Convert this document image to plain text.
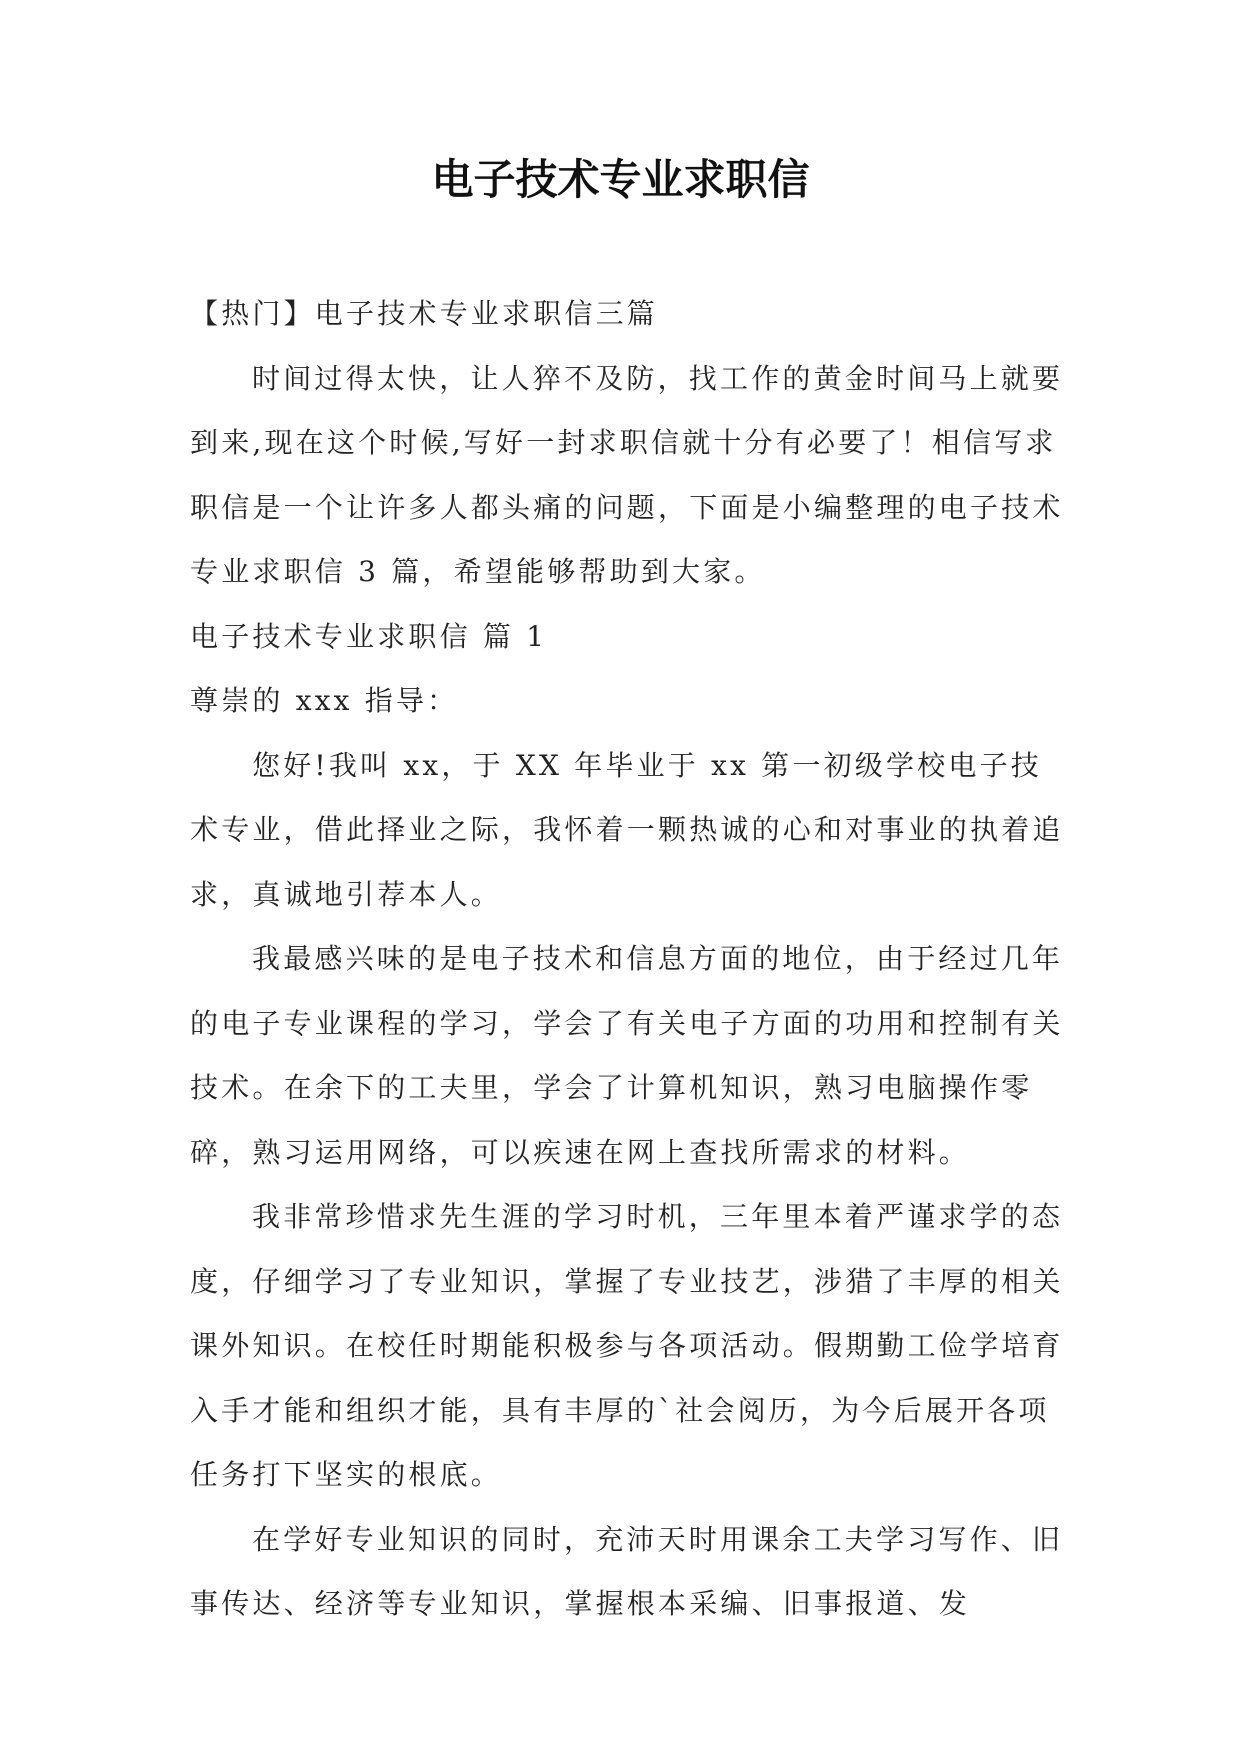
电子技术专业求职信

【热门】电子技术专业求职信三篇

时间过得太快，让人猝不及防，找工作的黄金时间马上就要到来,现在这个时候,写好一封求职信就十分有必要了！相信写求职信是一个让许多人都头痛的问题，下面是小编整理的电子技术专业求职信 3 篇，希望能够帮助到大家。

电子技术专业求职信 篇 1

尊崇的 xxx 指导：

您好!我叫 xx，于 XX 年毕业于 xx 第一初级学校电子技术专业，借此择业之际，我怀着一颗热诚的心和对事业的执着追求，真诚地引荐本人。

我最感兴味的是电子技术和信息方面的地位，由于经过几年的电子专业课程的学习，学会了有关电子方面的功用和控制有关技术。在余下的工夫里，学会了计算机知识，熟习电脑操作零碎，熟习运用网络，可以疾速在网上查找所需求的材料。

我非常珍惜求先生涯的学习时机，三年里本着严谨求学的态度，仔细学习了专业知识，掌握了专业技艺，涉猎了丰厚的相关课外知识。在校任时期能积极参与各项活动。假期勤工俭学培育入手才能和组织才能，具有丰厚的`社会阅历，为今后展开各项任务打下坚实的根底。

在学好专业知识的同时，充沛天时用课余工夫学习写作、旧事传达、经济等专业知识，掌握根本采编、旧事报道、发
